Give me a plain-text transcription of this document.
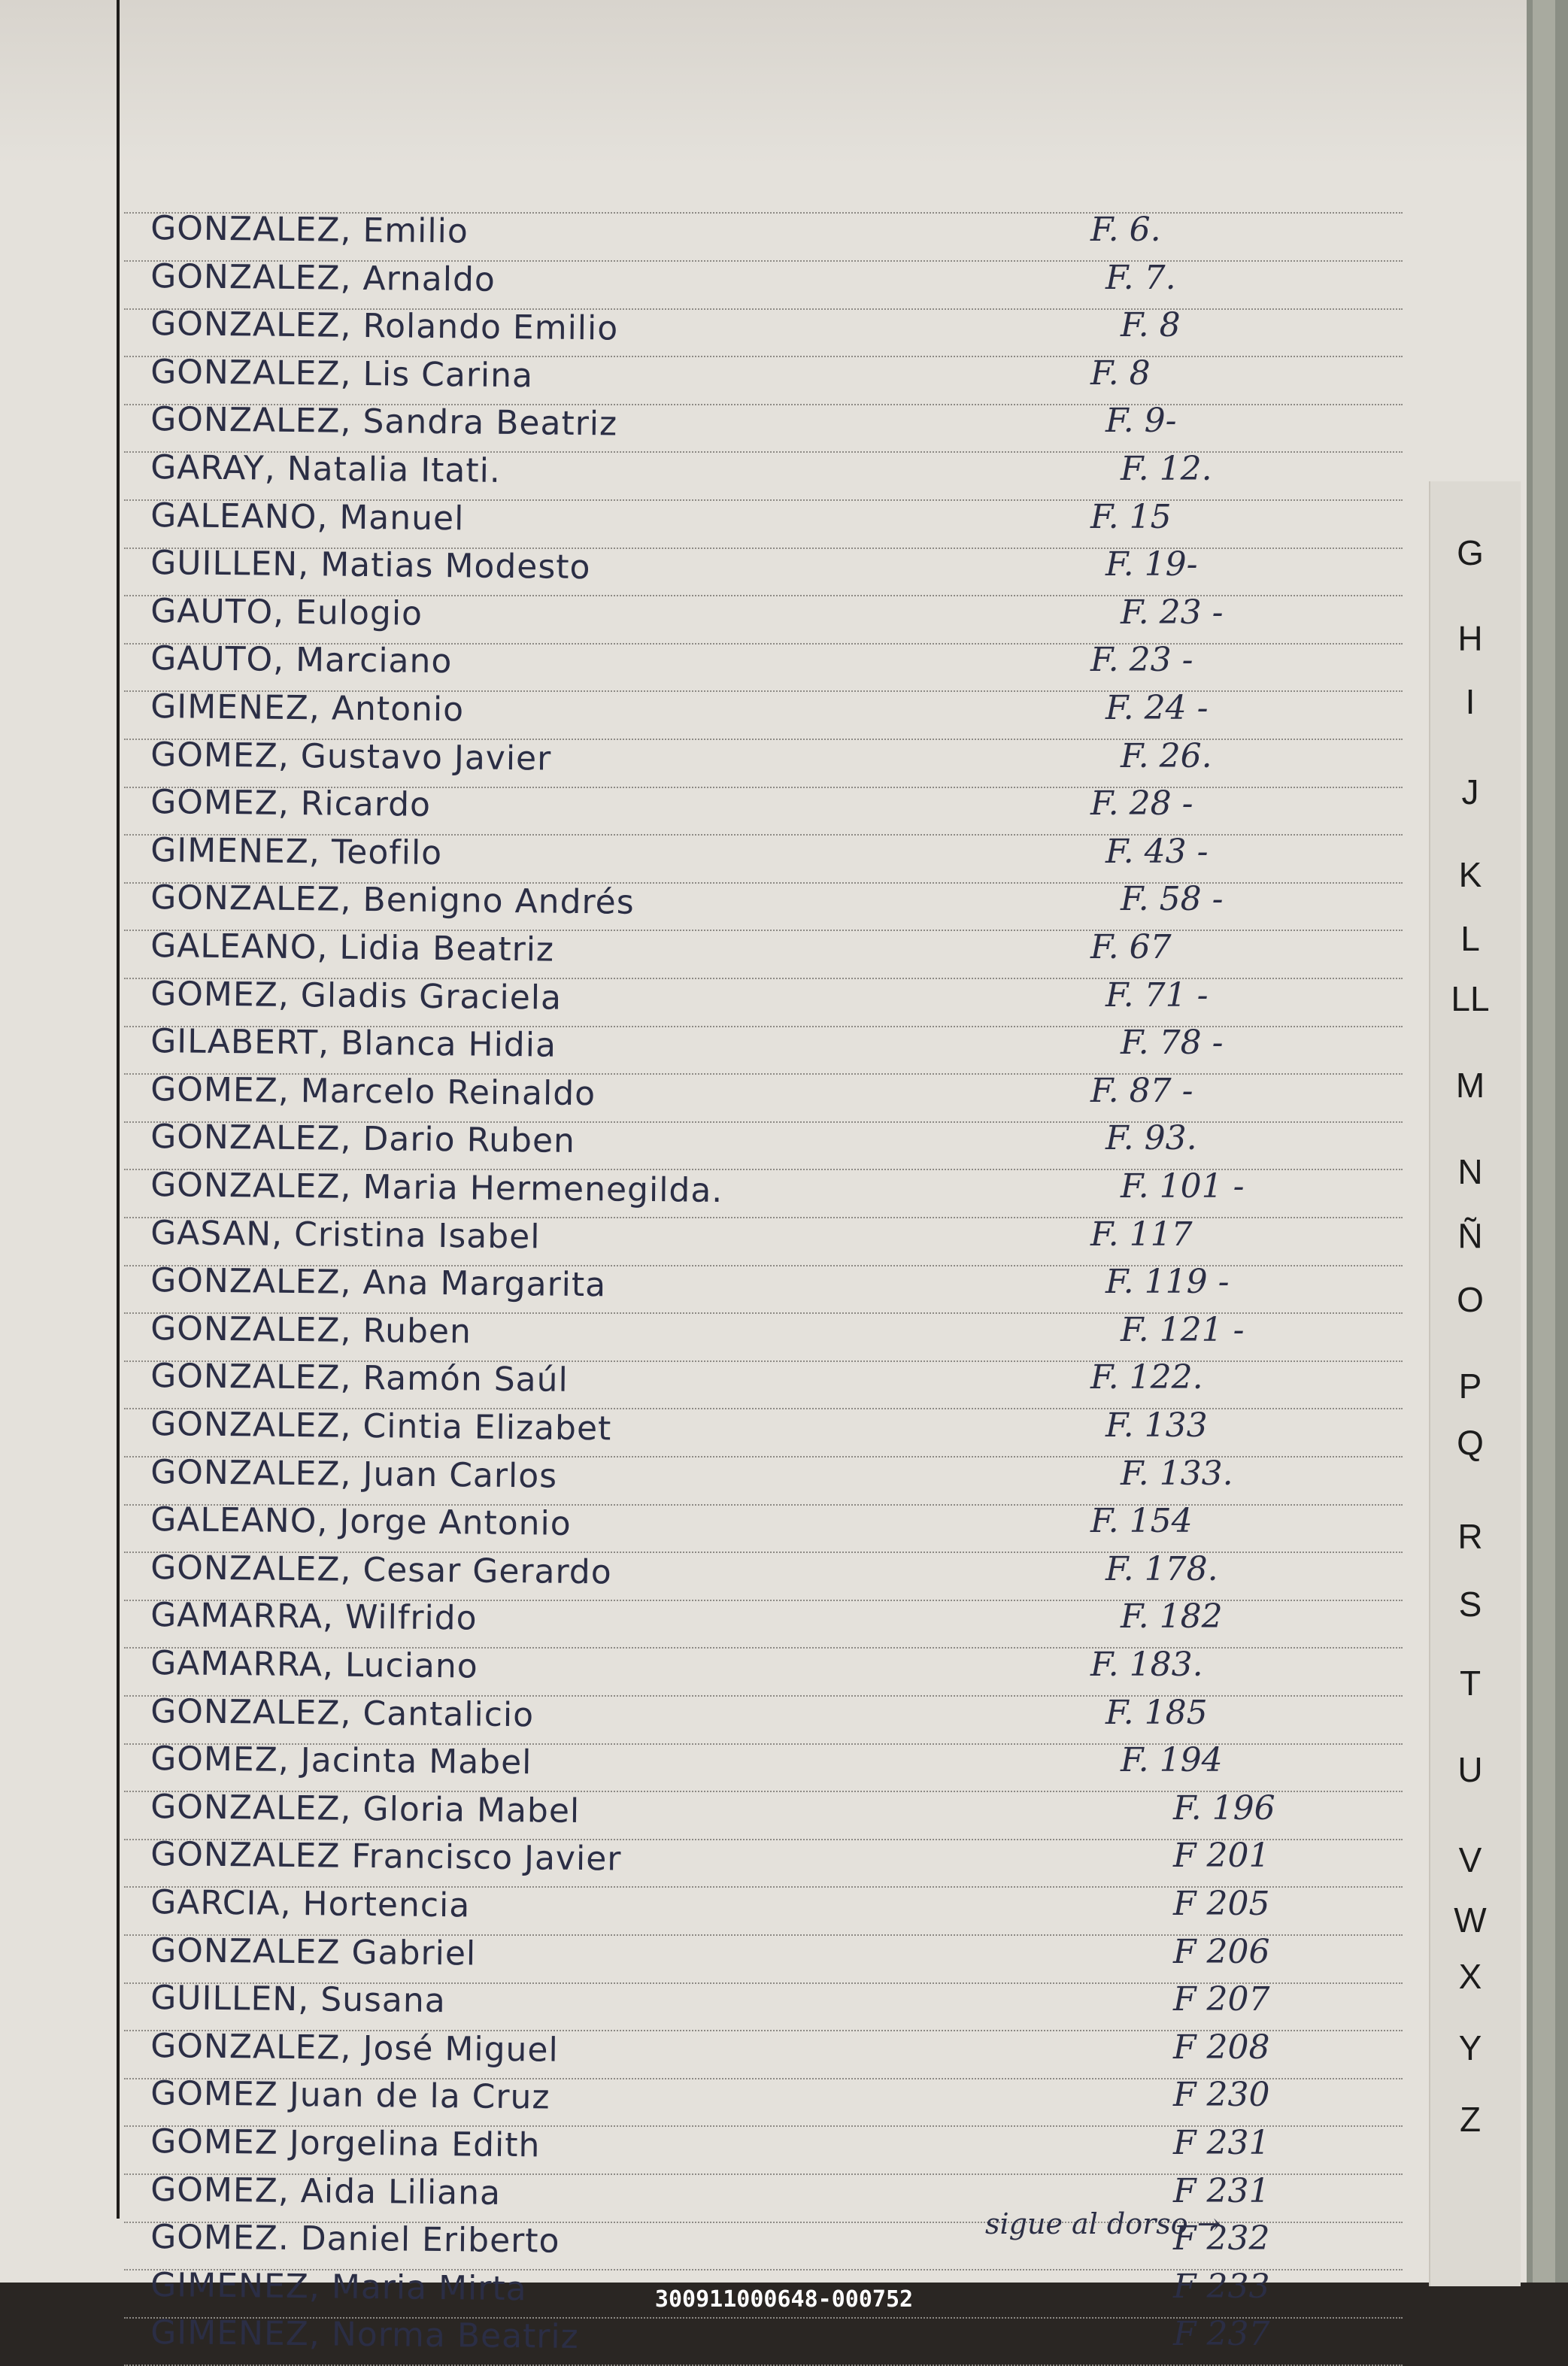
GONZALEZ, Emilio	F. 6.
GONZALEZ, Arnaldo	F. 7.
GONZALEZ, Rolando Emilio	F. 8
GONZALEZ, Lis Carina	F. 8
GONZALEZ, Sandra Beatriz	F. 9-
GARAY, Natalia Itati.	F. 12.
GALEANO, Manuel	F. 15
GUILLEN, Matias Modesto	F. 19-
GAUTO, Eulogio	F. 23 -
GAUTO, Marciano	F. 23 -
GIMENEZ, Antonio	F. 24 -
GOMEZ, Gustavo Javier	F. 26.
GOMEZ, Ricardo	F. 28 -
GIMENEZ, Teofilo	F. 43 -
GONZALEZ, Benigno Andrés	F. 58 -
GALEANO, Lidia Beatriz	F. 67
GOMEZ, Gladis Graciela	F. 71 -
GILABERT, Blanca Hidia	F. 78 -
GOMEZ, Marcelo Reinaldo	F. 87 -
GONZALEZ, Dario Ruben	F. 93.
GONZALEZ, Maria Hermenegilda.	F. 101 -
GASAN, Cristina Isabel	F. 117
GONZALEZ, Ana Margarita	F. 119 -
GONZALEZ, Ruben	F. 121 -
GONZALEZ, Ramón Saúl	F. 122.
GONZALEZ, Cintia Elizabet	F. 133
GONZALEZ, Juan Carlos	F. 133.
GALEANO, Jorge Antonio	F. 154
GONZALEZ, Cesar Gerardo	F. 178.
GAMARRA, Wilfrido	F. 182
GAMARRA, Luciano	F. 183.
GONZALEZ, Cantalicio	F. 185
GOMEZ, Jacinta Mabel	F. 194
GONZALEZ, Gloria Mabel	F. 196
GONZALEZ Francisco Javier	F 201
GARCIA, Hortencia	F 205
GONZALEZ Gabriel	F 206
GUILLEN, Susana	F 207
GONZALEZ, José Miguel	F 208
GOMEZ Juan de la Cruz	F 230
GOMEZ Jorgelina Edith	F 231
GOMEZ, Aida Liliana	F 231
GOMEZ. Daniel Eriberto	F 232
GIMENEZ, Maria Mirta	F 233
GIMENEZ, Norma Beatriz	F 237
G
H
I
J
K
L
LL
M
N
Ñ
O
P
Q
R
S
T
U
V
W
X
Y
Z
sigue al dorso →
300911000648-000752
